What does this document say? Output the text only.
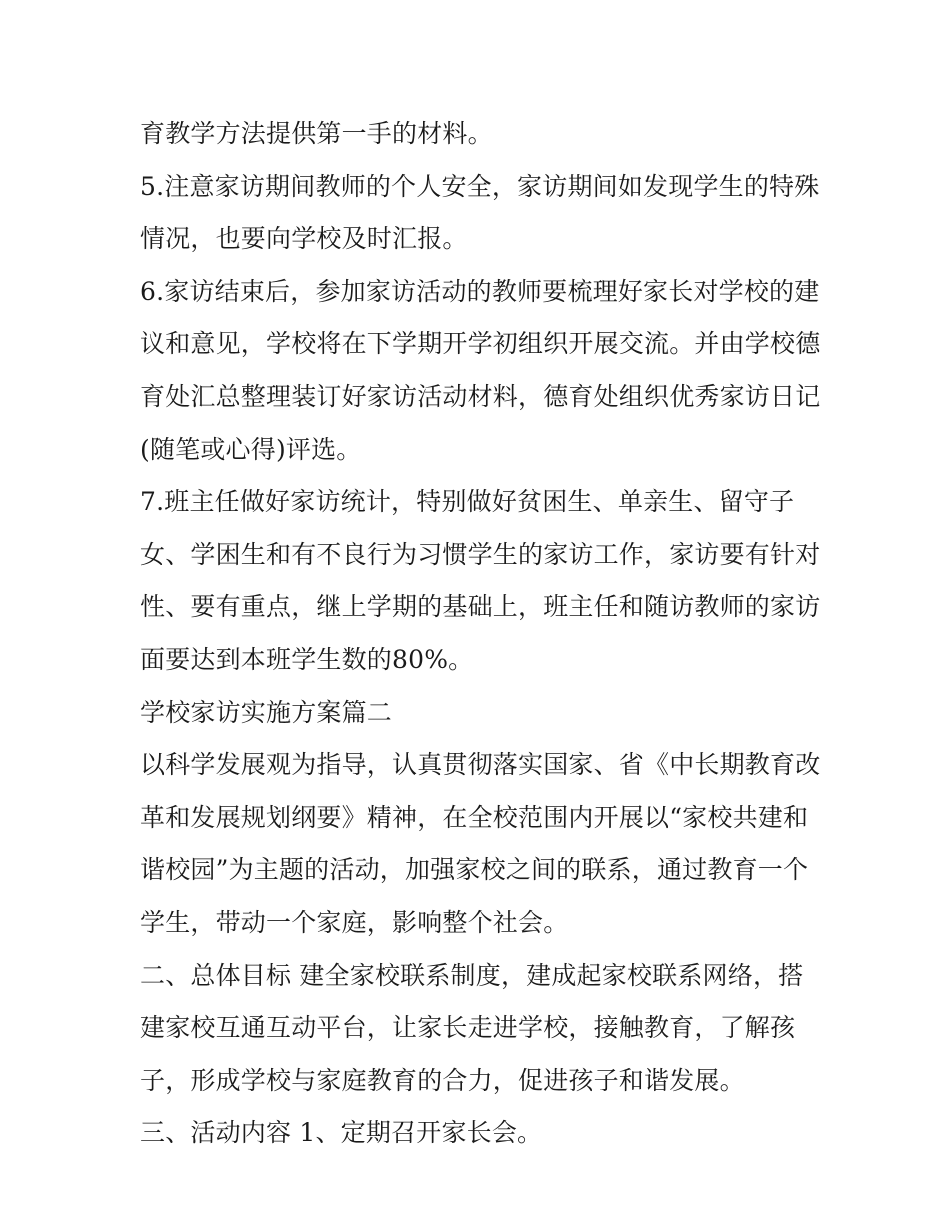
育教学方法提供第一手的材料。
5.注意家访期间教师的个人安全，家访期间如发现学生的特殊
情况，也要向学校及时汇报。
6.家访结束后，参加家访活动的教师要梳理好家长对学校的建
议和意见，学校将在下学期开学初组织开展交流。并由学校德
育处汇总整理装订好家访活动材料，德育处组织优秀家访日记
(随笔或心得)评选。
7.班主任做好家访统计，特别做好贫困生、单亲生、留守子
女、学困生和有不良行为习惯学生的家访工作，家访要有针对
性、要有重点，继上学期的基础上，班主任和随访教师的家访
面要达到本班学生数的80%。
学校家访实施方案篇二
以科学发展观为指导，认真贯彻落实国家、省《中长期教育改
革和发展规划纲要》精神，在全校范围内开展以“家校共建和
谐校园”为主题的活动，加强家校之间的联系，通过教育一个
学生，带动一个家庭，影响整个社会。
二、总体目标 建全家校联系制度，建成起家校联系网络，搭
建家校互通互动平台，让家长走进学校，接触教育，了解孩
子，形成学校与家庭教育的合力，促进孩子和谐发展。
三、活动内容 1、定期召开家长会。
